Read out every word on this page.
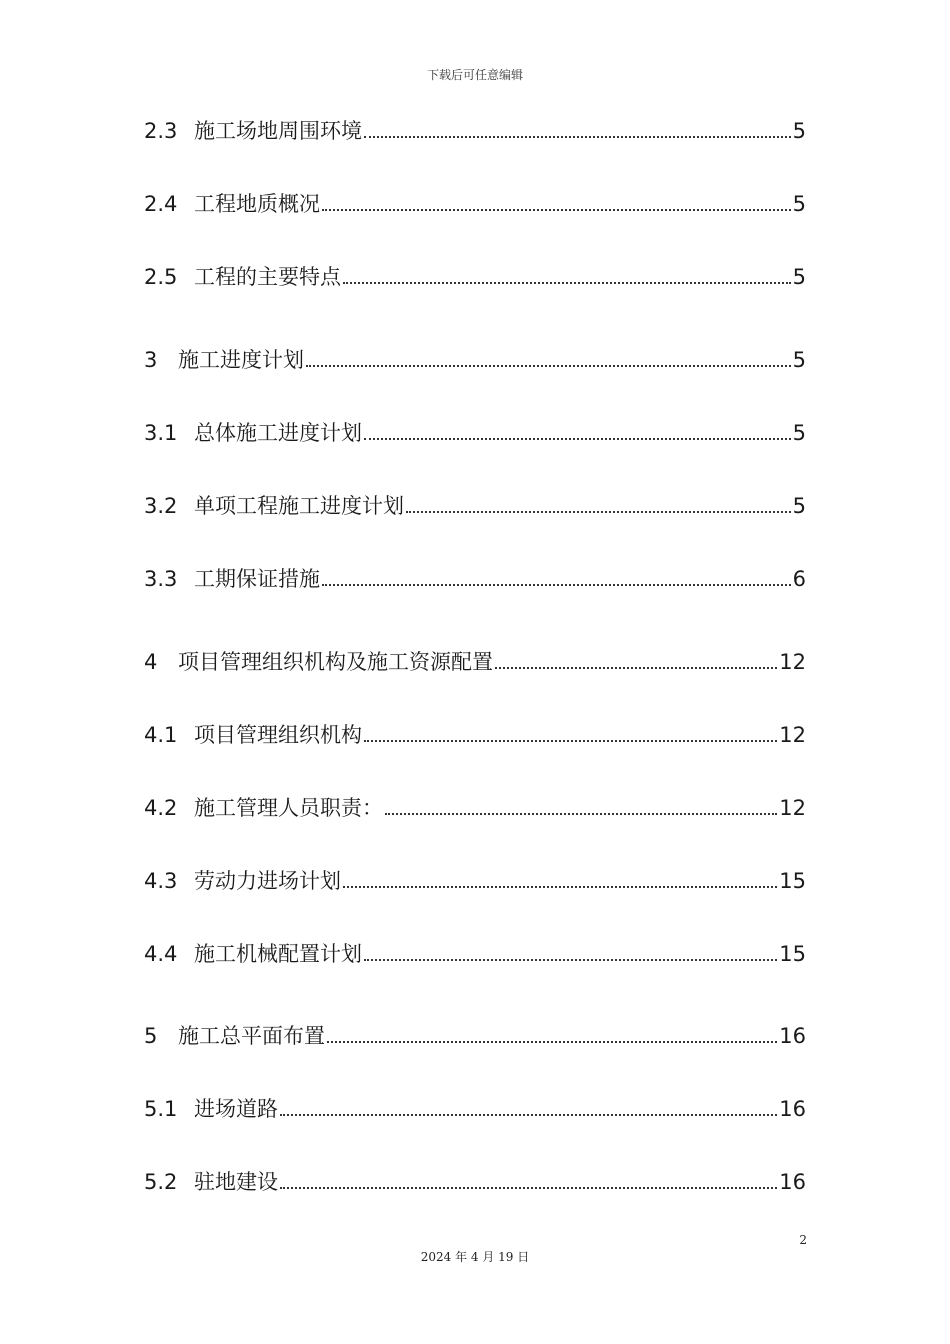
下载后可任意编辑
2.3 施工场地周围环境	5
2.4 工程地质概况	5
2.5 工程的主要特点	5
3 施工进度计划	5
3.1 总体施工进度计划	5
3.2 单项工程施工进度计划	5
3.3 工期保证措施	6
4 项目管理组织机构及施工资源配置	12
4.1 项目管理组织机构	12
4.2 施工管理人员职责：	12
4.3 劳动力进场计划	15
4.4 施工机械配置计划	15
5 施工总平面布置	16
5.1 进场道路	16
5.2 驻地建设	16
2
2024 年 4 月 19 日
